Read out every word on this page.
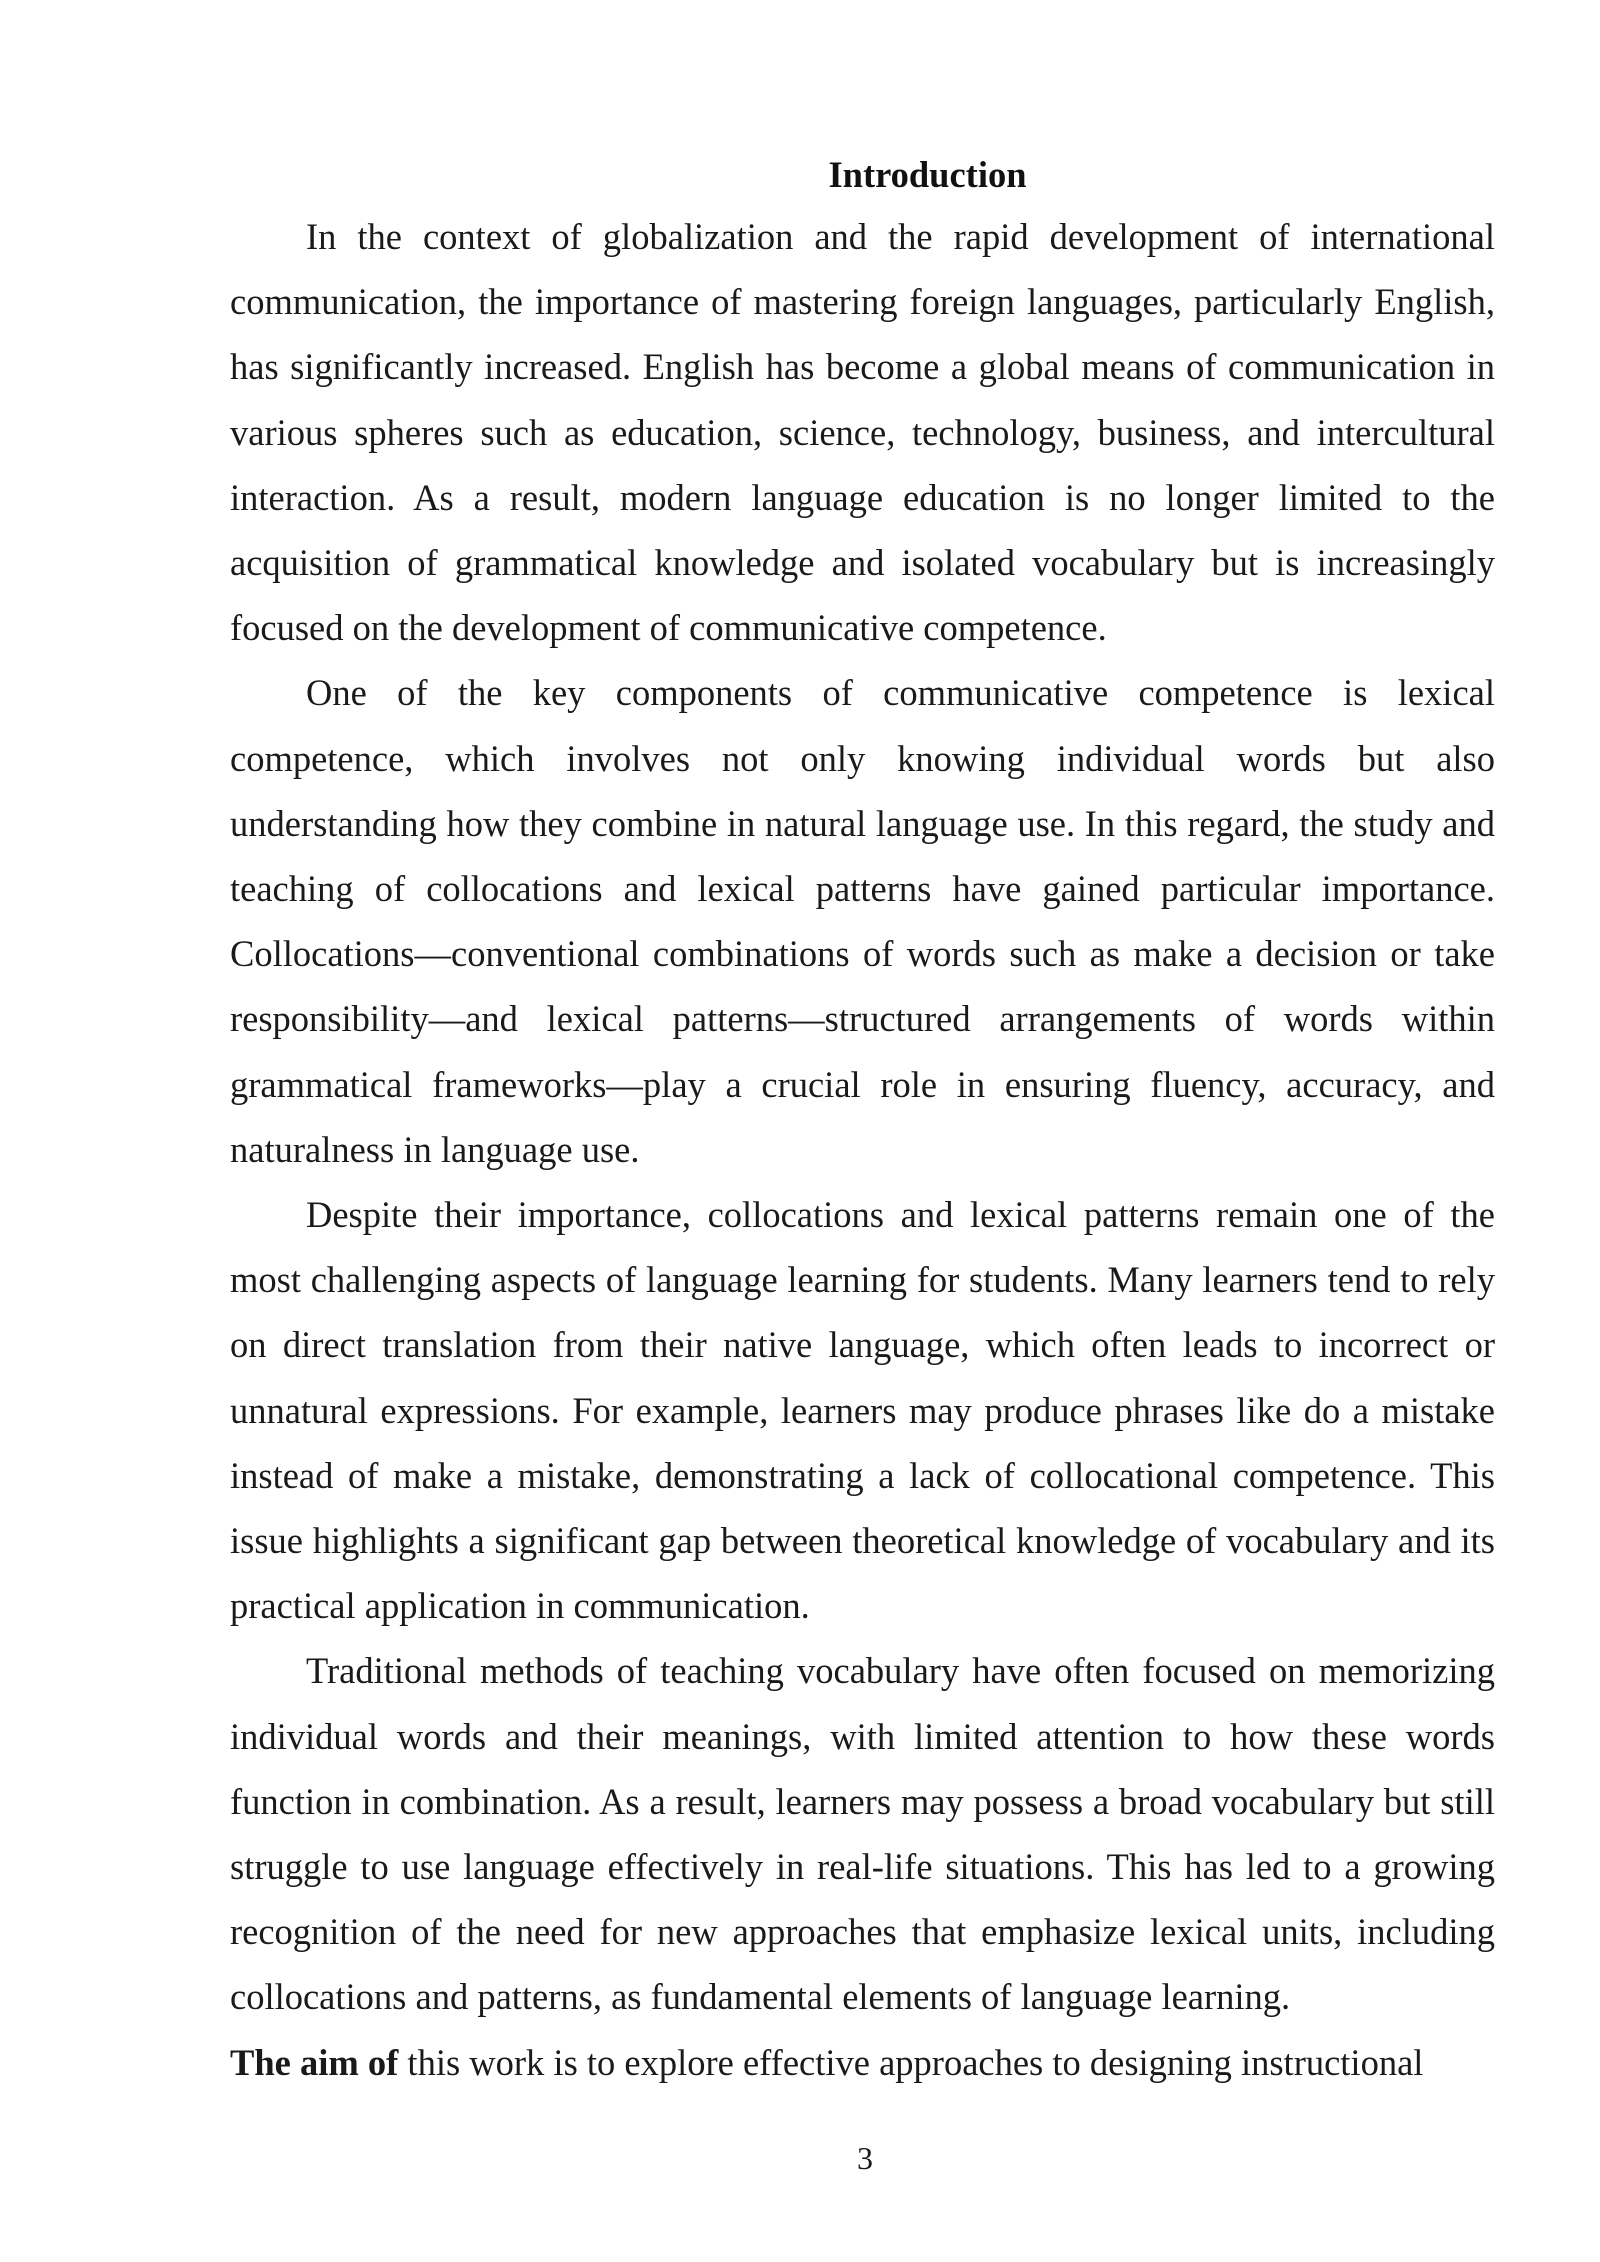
Introduction

In the context of globalization and the rapid development of international communication, the importance of mastering foreign languages, particularly English, has significantly increased. English has become a global means of communication in various spheres such as education, science, technology, business, and intercultural interaction. As a result, modern language education is no longer limited to the acquisition of grammatical knowledge and isolated vocabulary but is increasingly focused on the development of communicative competence.

One of the key components of communicative competence is lexical competence, which involves not only knowing individual words but also understanding how they combine in natural language use. In this regard, the study and teaching of collocations and lexical patterns have gained particular importance. Collocations—conventional combinations of words such as make a decision or take responsibility—and lexical patterns—structured arrangements of words within grammatical frameworks—play a crucial role in ensuring fluency, accuracy, and naturalness in language use.

Despite their importance, collocations and lexical patterns remain one of the most challenging aspects of language learning for students. Many learners tend to rely on direct translation from their native language, which often leads to incorrect or unnatural expressions. For example, learners may produce phrases like do a mistake instead of make a mistake, demonstrating a lack of collocational competence. This issue highlights a significant gap between theoretical knowledge of vocabulary and its practical application in communication.

Traditional methods of teaching vocabulary have often focused on memorizing individual words and their meanings, with limited attention to how these words function in combination. As a result, learners may possess a broad vocabulary but still struggle to use language effectively in real-life situations. This has led to a growing recognition of the need for new approaches that emphasize lexical units, including collocations and patterns, as fundamental elements of language learning.

The aim of this work is to explore effective approaches to designing instructional

3
